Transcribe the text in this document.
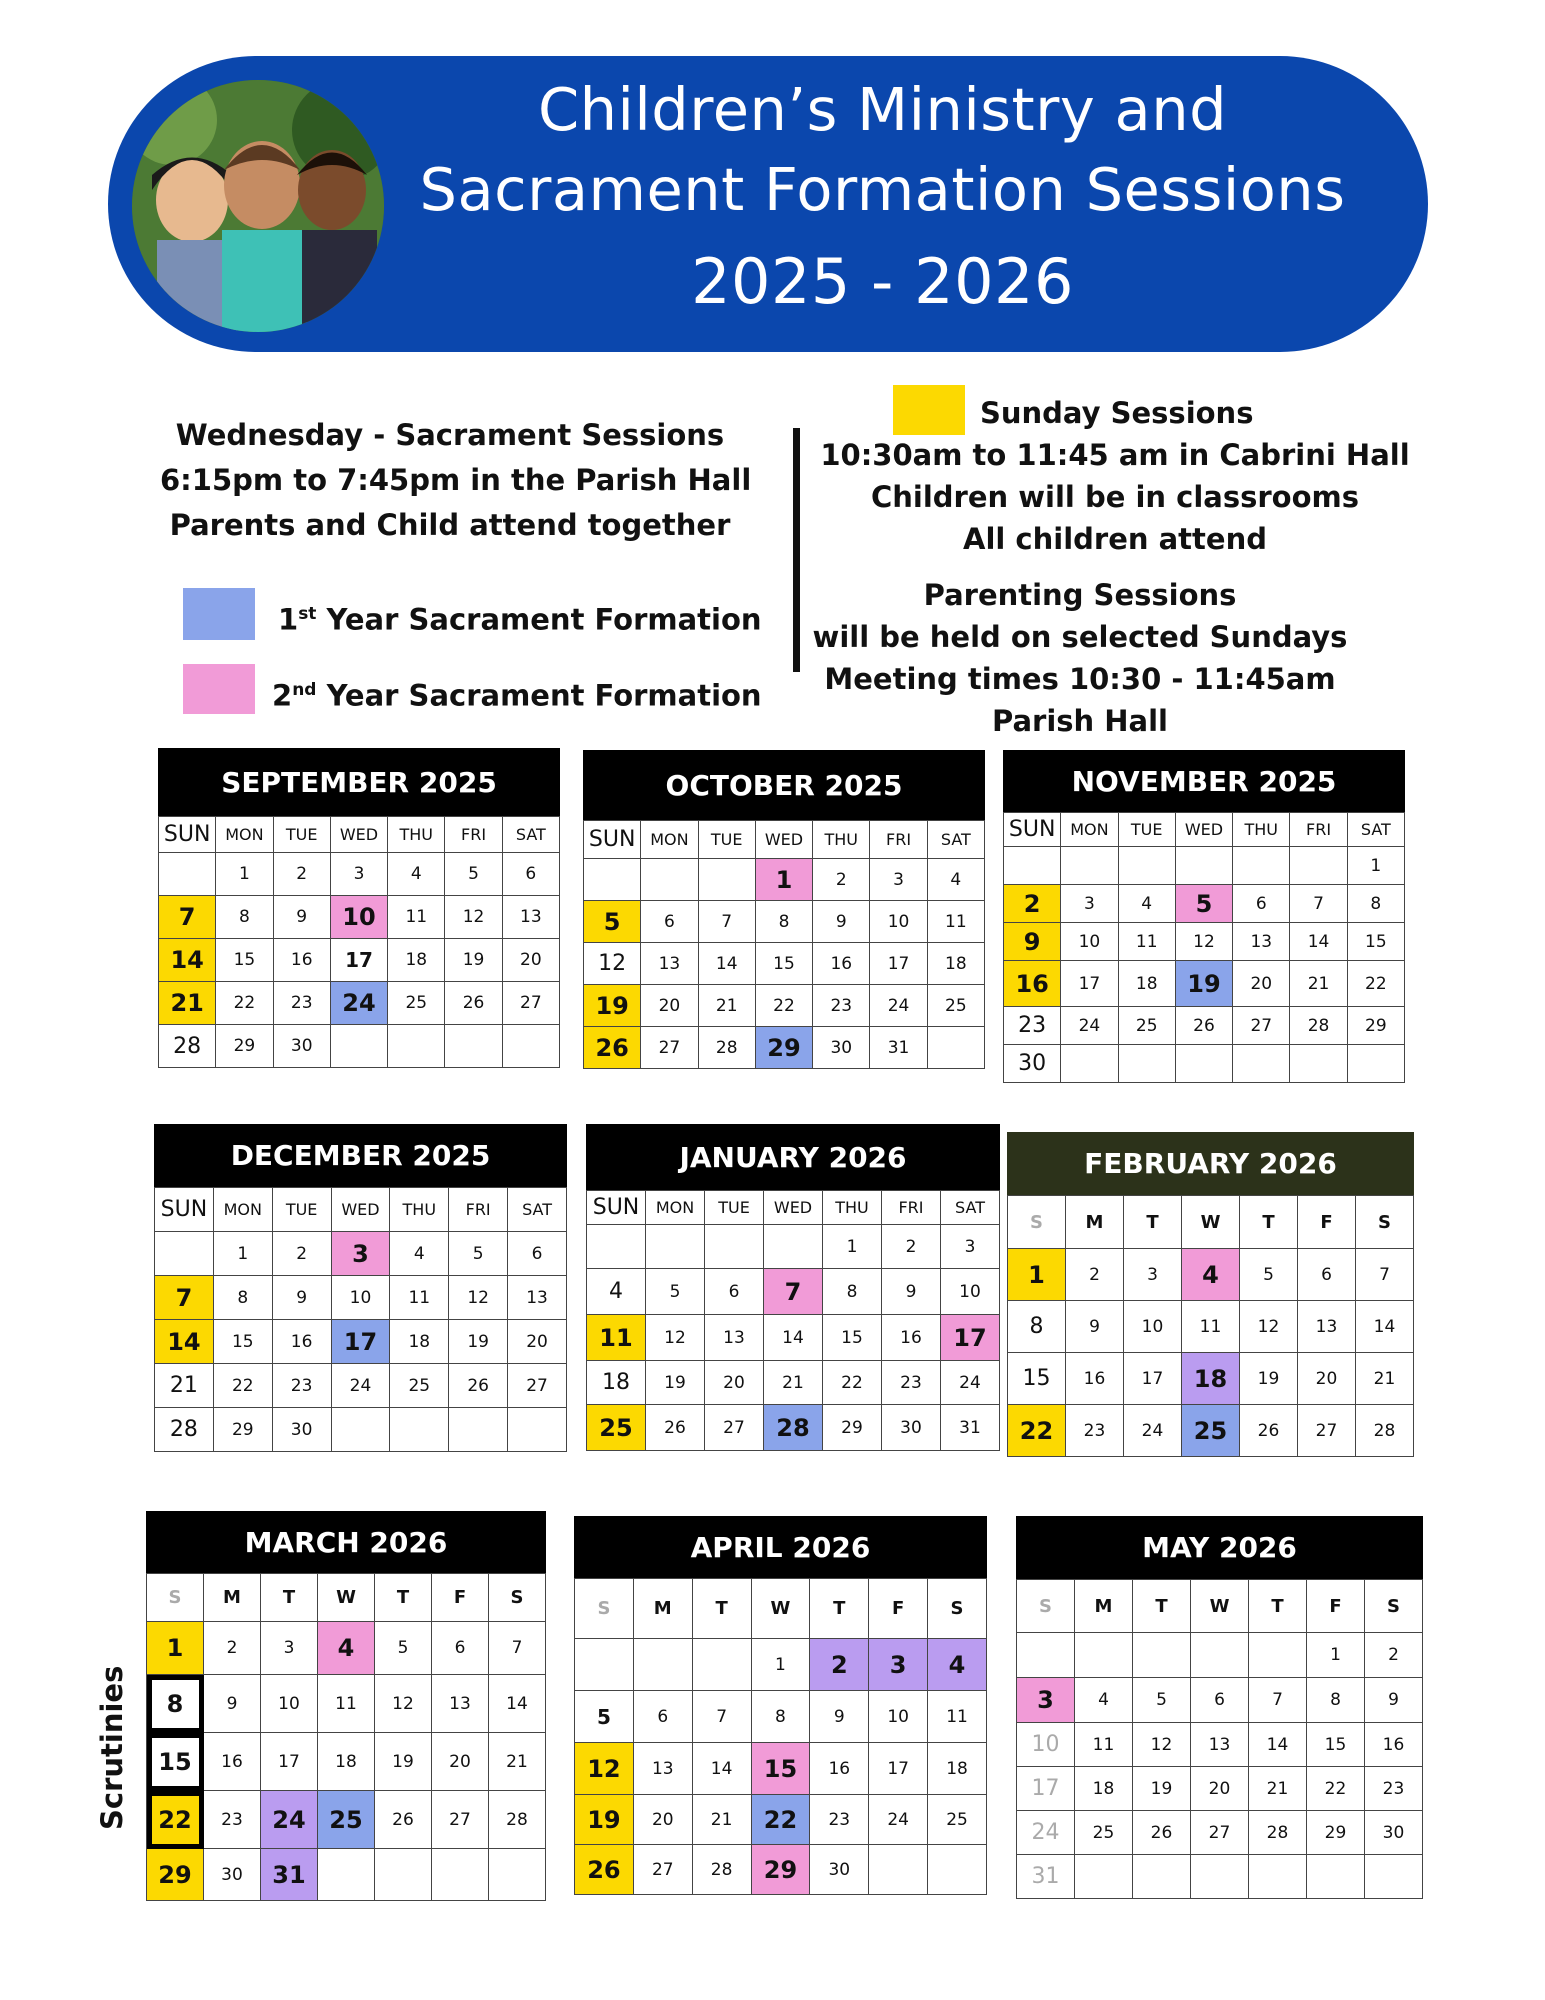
Children’s Ministry and
Sacrament Formation Sessions
2025 - 2026
Wednesday - Sacrament Sessions
6:15pm to 7:45pm in the Parish Hall
Parents and Child attend together
1st Year Sacrament Formation
2nd Year Sacrament Formation
Sunday Sessions
10:30am to 11:45 am in Cabrini Hall
Children will be in classrooms
All children attend
Parenting Sessions
will be held on selected Sundays
Meeting times 10:30 - 11:45am
Parish Hall
SEPTEMBER 2025
SUN	MON	TUE	WED	THU	FRI	SAT
	1	2	3	4	5	6
7	8	9	10	11	12	13
14	15	16	17	18	19	20
21	22	23	24	25	26	27
28	29	30				
OCTOBER 2025
SUN	MON	TUE	WED	THU	FRI	SAT
			1	2	3	4
5	6	7	8	9	10	11
12	13	14	15	16	17	18
19	20	21	22	23	24	25
26	27	28	29	30	31	
NOVEMBER 2025
SUN	MON	TUE	WED	THU	FRI	SAT
						1
2	3	4	5	6	7	8
9	10	11	12	13	14	15
16	17	18	19	20	21	22
23	24	25	26	27	28	29
30						
DECEMBER 2025
SUN	MON	TUE	WED	THU	FRI	SAT
	1	2	3	4	5	6
7	8	9	10	11	12	13
14	15	16	17	18	19	20
21	22	23	24	25	26	27
28	29	30				
JANUARY 2026
SUN	MON	TUE	WED	THU	FRI	SAT
				1	2	3
4	5	6	7	8	9	10
11	12	13	14	15	16	17
18	19	20	21	22	23	24
25	26	27	28	29	30	31
FEBRUARY 2026
S	M	T	W	T	F	S
1	2	3	4	5	6	7
8	9	10	11	12	13	14
15	16	17	18	19	20	21
22	23	24	25	26	27	28
MARCH 2026
S	M	T	W	T	F	S
1	2	3	4	5	6	7
8	9	10	11	12	13	14
15	16	17	18	19	20	21
22	23	24	25	26	27	28
29	30	31				
APRIL 2026
S	M	T	W	T	F	S
			1	2	3	4
5	6	7	8	9	10	11
12	13	14	15	16	17	18
19	20	21	22	23	24	25
26	27	28	29	30		
MAY 2026
S	M	T	W	T	F	S
					1	2
3	4	5	6	7	8	9
10	11	12	13	14	15	16
17	18	19	20	21	22	23
24	25	26	27	28	29	30
31						
Scrutinies
